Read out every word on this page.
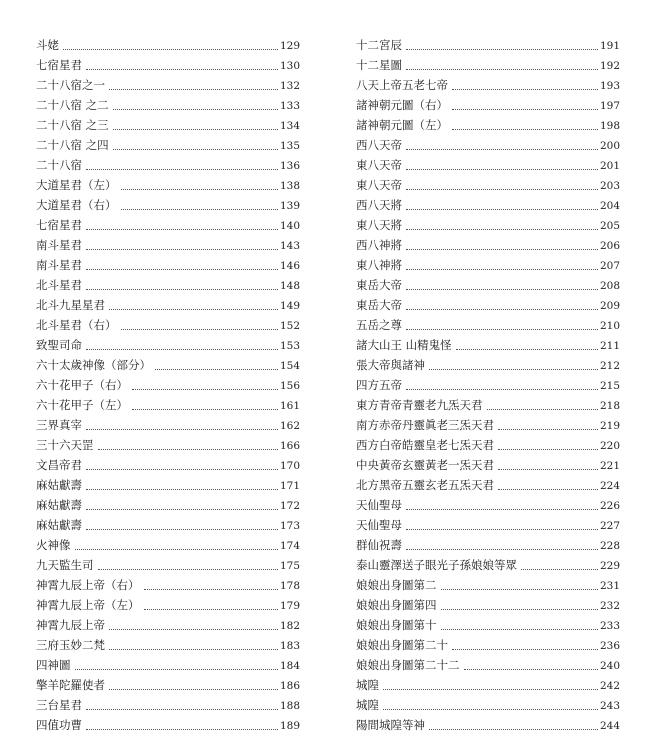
斗姥	129
七宿星君	130
二十八宿之一	132
二十八宿 之二	133
二十八宿 之三	134
二十八宿 之四	135
二十八宿	136
大道星君（左）	138
大道星君（右）	139
七宿星君	140
南斗星君	143
南斗星君	146
北斗星君	148
北斗九星星君	149
北斗星君（右）	152
致聖司命	153
六十太歲神像（部分）	154
六十花甲子（右）	156
六十花甲子（左）	161
三界真宰	162
三十六天罡	166
文昌帝君	170
麻姑獻壽	171
麻姑獻壽	172
麻姑獻壽	173
火神像	174
九天監生司	175
神霄九辰上帝（右）	178
神霄九辰上帝（左）	179
神霄九辰上帝	182
三府玉妙二梵	183
四神圖	184
擎羊陀羅使者	186
三台星君	188
四值功曹	189
十二宮辰	191
十二星圖	192
八天上帝五老七帝	193
諸神朝元圖（右）	197
諸神朝元圖（左）	198
西八天帝	200
東八天帝	201
東八天帝	203
西八天將	204
東八天將	205
西八神將	206
東八神將	207
東岳大帝	208
東岳大帝	209
五岳之尊	210
諸大山王 山精鬼怪	211
張大帝與諸神	212
四方五帝	215
東方青帝青靈老九炁天君	218
南方赤帝丹靈眞老三炁天君	219
西方白帝皓靈皇老七炁天君	220
中央黃帝玄靈黃老一炁天君	221
北方黑帝五靈玄老五炁天君	224
天仙聖母	226
天仙聖母	227
群仙祝壽	228
泰山靈澤送子眼光子孫娘娘等眾	229
娘娘出身圖第二	231
娘娘出身圖第四	232
娘娘出身圖第十	233
娘娘出身圖第二十	236
娘娘出身圖第二十二	240
城隍	242
城隍	243
陽間城隍等神	244
